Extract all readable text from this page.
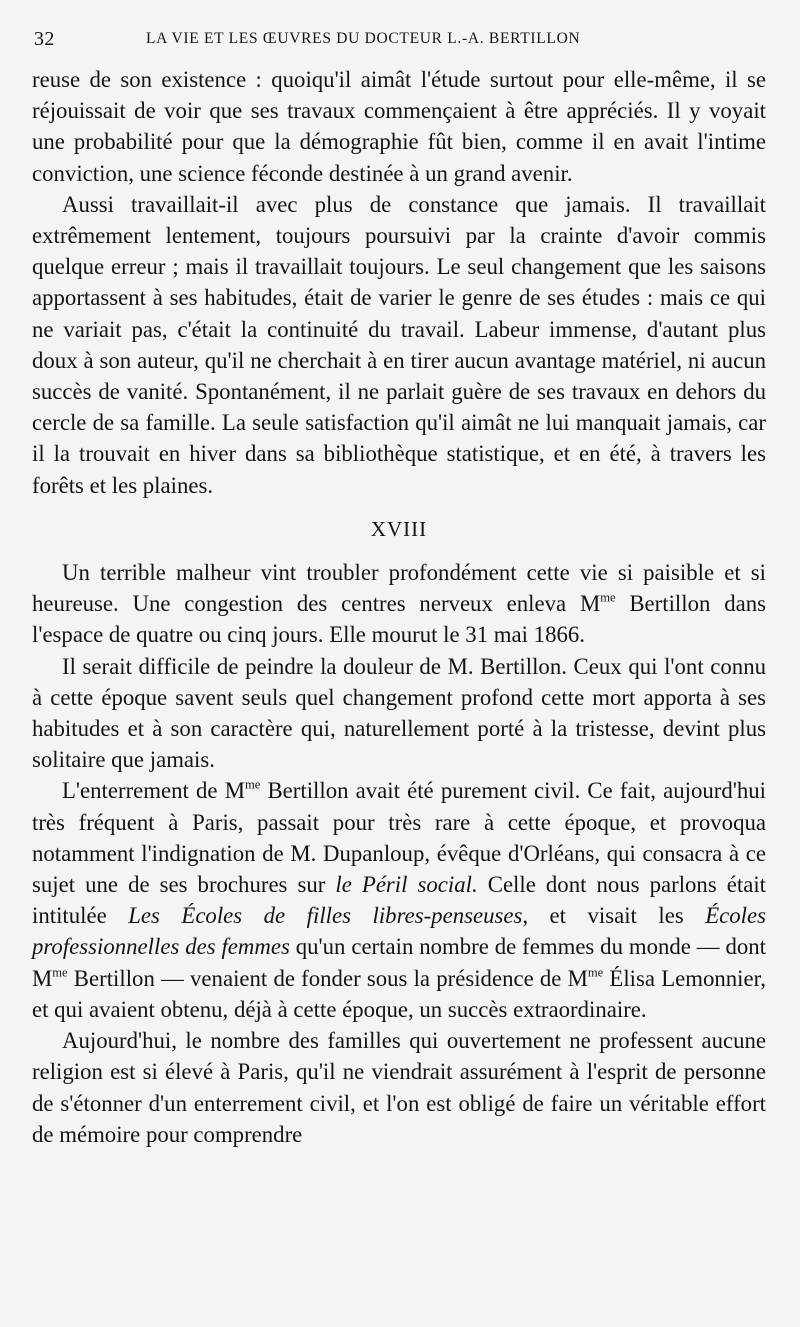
32	LA VIE ET LES ŒUVRES DU DOCTEUR L.-A. BERTILLON

reuse de son existence : quoiqu'il aimât l'étude surtout pour elle-même, il se réjouissait de voir que ses travaux commençaient à être appréciés. Il y voyait une probabilité pour que la démographie fût bien, comme il en avait l'intime conviction, une science féconde destinée à un grand avenir.

Aussi travaillait-il avec plus de constance que jamais. Il travaillait extrêmement lentement, toujours poursuivi par la crainte d'avoir commis quelque erreur ; mais il travaillait toujours. Le seul changement que les saisons apportassent à ses habitudes, était de varier le genre de ses études : mais ce qui ne variait pas, c'était la continuité du travail. Labeur immense, d'autant plus doux à son auteur, qu'il ne cherchait à en tirer aucun avantage matériel, ni aucun succès de vanité. Spontanément, il ne parlait guère de ses travaux en dehors du cercle de sa famille. La seule satisfaction qu'il aimât ne lui manquait jamais, car il la trouvait en hiver dans sa bibliothèque statistique, et en été, à travers les forêts et les plaines.

XVIII

Un terrible malheur vint troubler profondément cette vie si paisible et si heureuse. Une congestion des centres nerveux enleva $M^{me}$ Bertillon dans l'espace de quatre ou cinq jours. Elle mourut le 31 mai 1866.

Il serait difficile de peindre la douleur de M. Bertillon. Ceux qui l'ont connu à cette époque savent seuls quel changement profond cette mort apporta à ses habitudes et à son caractère qui, naturellement porté à la tristesse, devint plus solitaire que jamais.

L'enterrement de $M^{me}$ Bertillon avait été purement civil. Ce fait, aujourd'hui très fréquent à Paris, passait pour très rare à cette époque, et provoqua notamment l'indignation de M. Dupanloup, évêque d'Orléans, qui consacra à ce sujet une de ses brochures sur le Péril social. Celle dont nous parlons était intitulée Les Écoles de filles libres-penseuses, et visait les Écoles professionnelles des femmes qu'un certain nombre de femmes du monde — dont $M^{me}$ Bertillon — venaient de fonder sous la présidence de $M^{me}$ Élisa Lemonnier, et qui avaient obtenu, déjà à cette époque, un succès extraordinaire.

Aujourd'hui, le nombre des familles qui ouvertement ne professent aucune religion est si élevé à Paris, qu'il ne viendrait assurément à l'esprit de personne de s'étonner d'un enterrement civil, et l'on est obligé de faire un véritable effort de mémoire pour comprendre
